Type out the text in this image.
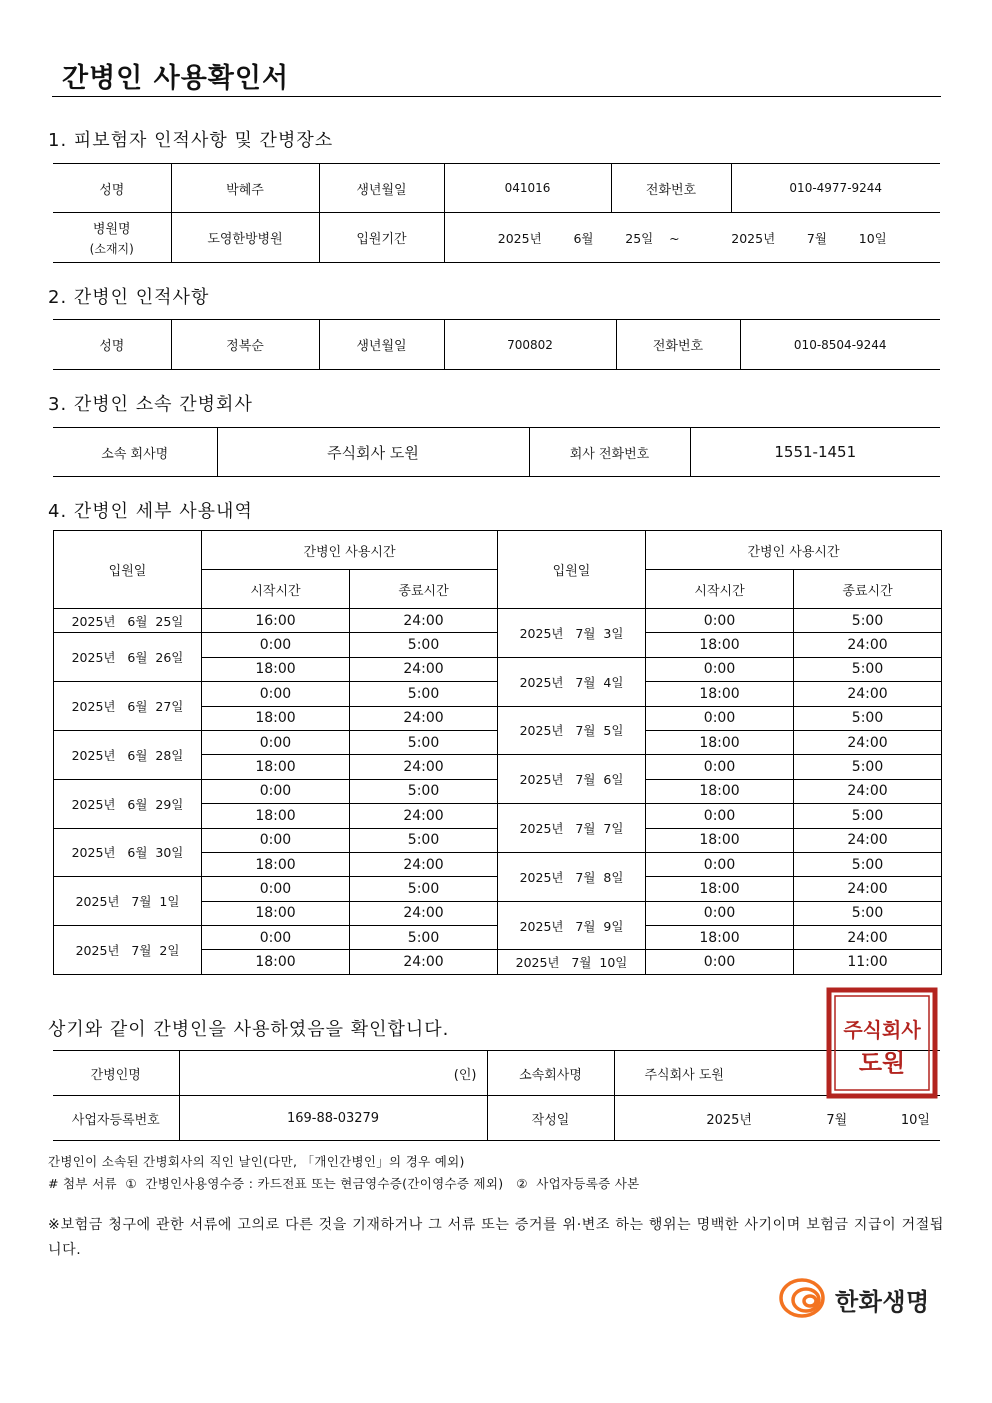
간병인 사용확인서
1. 피보험자 인적사항 및 간병장소
성명	박혜주	생년월일	041016	전화번호	010-4977-9244

병원명
(소재지)	도영한방병원	입원기간	2025년        6월        25일    ~             2025년        7월        10일		
2. 간병인 인적사항
성명	정복순	생년월일	700802	전화번호	010-8504-9244
3. 간병인 소속 간병회사
소속 회사명	주식회사 도원	회사 전화번호	1551-1451
4. 간병인 세부 사용내역
입원일	간병인 사용시간		입원일	간병인 사용시간	
	시작시간	종료시간		시작시간	종료시간
2025년   6월  25일	16:00	24:00	2025년   7월  3일	0:00	5:00
2025년   6월  26일	0:00	5:00		18:00	24:00
	18:00	24:00	2025년   7월  4일	0:00	5:00
2025년   6월  27일	0:00	5:00		18:00	24:00
	18:00	24:00	2025년   7월  5일	0:00	5:00
2025년   6월  28일	0:00	5:00		18:00	24:00
	18:00	24:00	2025년   7월  6일	0:00	5:00
2025년   6월  29일	0:00	5:00		18:00	24:00
	18:00	24:00	2025년   7월  7일	0:00	5:00
2025년   6월  30일	0:00	5:00		18:00	24:00
	18:00	24:00	2025년   7월  8일	0:00	5:00
2025년   7월  1일	0:00	5:00		18:00	24:00
	18:00	24:00	2025년   7월  9일	0:00	5:00
2025년   7월  2일	0:00	5:00		18:00	24:00
	18:00	24:00	2025년   7월  10일	0:00	11:00
상기와 같이 간병인을 사용하였음을 확인합니다.
간병인명	(인)	소속회사명	주식회사 도원
사업자등록번호	169-88-03279	작성일	2025년                  7월             10일
주식회사
도원
간병인이 소속된 간병회사의 직인 날인(다만, 「개인간병인」의 경우 예외)
# 첨부 서류  ①  간병인사용영수증 : 카드전표 또는 현금영수증(간이영수증 제외)   ②  사업자등록증 사본
※보험금 청구에 관한 서류에 고의로 다른 것을 기재하거나 그 서류 또는 증거를 위·변조 하는 행위는 명백한 사기이며 보험금 지급이 거절됩니다.
한화생명
